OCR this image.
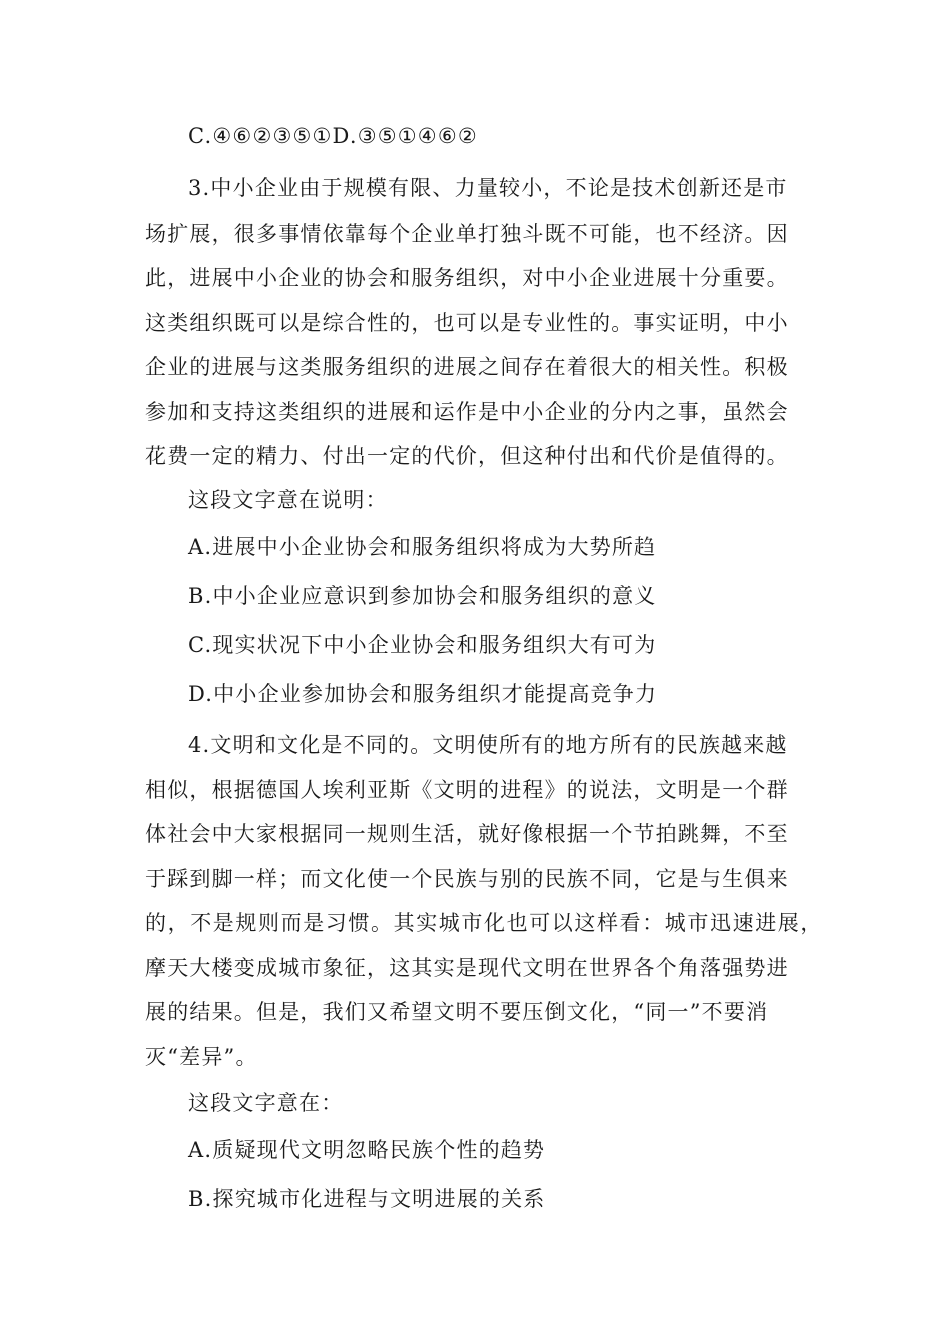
C.④⑥②③⑤①D.③⑤①④⑥②
3.中小企业由于规模有限、力量较小，不论是技术创新还是市
场扩展，很多事情依靠每个企业单打独斗既不可能，也不经济。因
此，进展中小企业的协会和服务组织，对中小企业进展十分重要。
这类组织既可以是综合性的，也可以是专业性的。事实证明，中小
企业的进展与这类服务组织的进展之间存在着很大的相关性。积极
参加和支持这类组织的进展和运作是中小企业的分内之事，虽然会
花费一定的精力、付出一定的代价，但这种付出和代价是值得的。
这段文字意在说明：
A.进展中小企业协会和服务组织将成为大势所趋
B.中小企业应意识到参加协会和服务组织的意义
C.现实状况下中小企业协会和服务组织大有可为
D.中小企业参加协会和服务组织才能提高竞争力
4.文明和文化是不同的。文明使所有的地方所有的民族越来越
相似，根据德国人埃利亚斯《文明的进程》的说法，文明是一个群
体社会中大家根据同一规则生活，就好像根据一个节拍跳舞，不至
于踩到脚一样；而文化使一个民族与别的民族不同，它是与生俱来
的，不是规则而是习惯。其实城市化也可以这样看：城市迅速进展，
摩天大楼变成城市象征，这其实是现代文明在世界各个角落强势进
展的结果。但是，我们又希望文明不要压倒文化，“同一”不要消
灭“差异”。
这段文字意在：
A.质疑现代文明忽略民族个性的趋势
B.探究城市化进程与文明进展的关系
